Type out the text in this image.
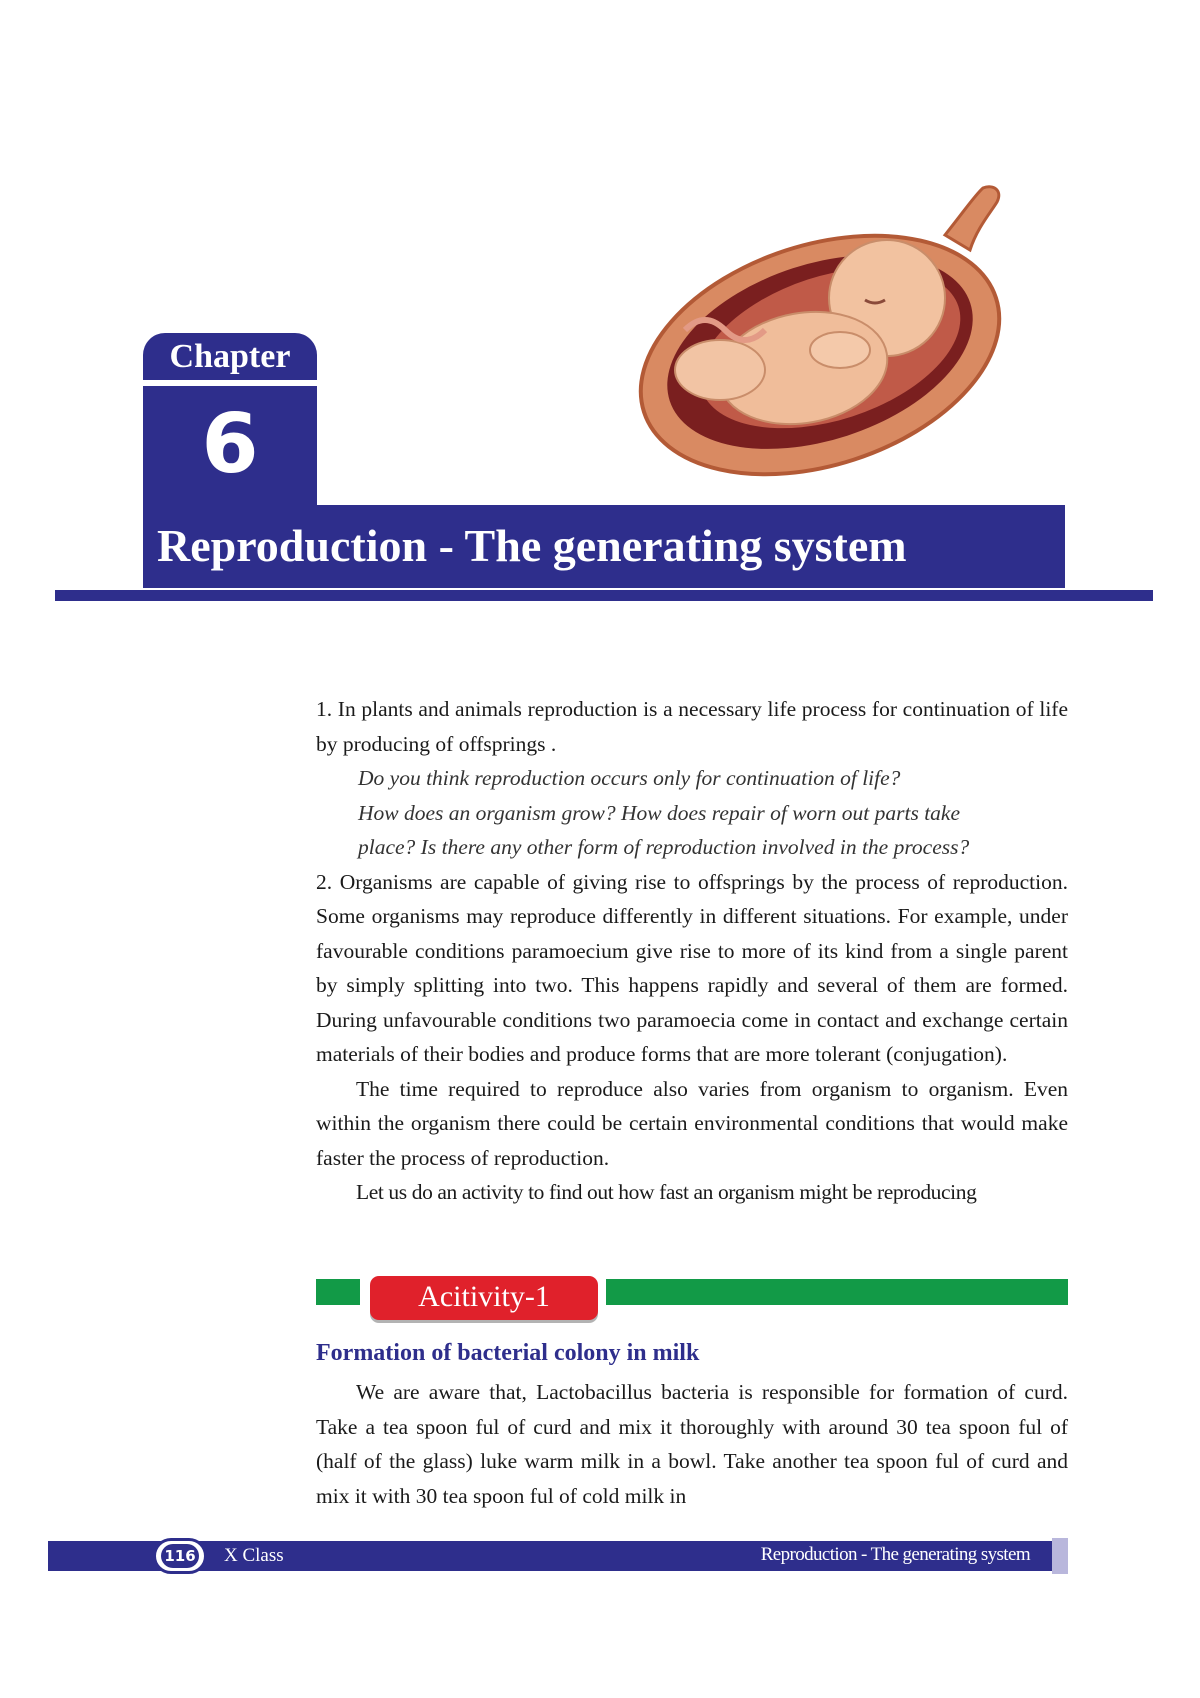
Chapter
6
Reproduction - The generating system

1. In plants and animals reproduction is a necessary life process for continuation of life by producing of offsprings .

Do you think reproduction occurs only for continuation of life?

How does an organism grow? How does repair of worn out parts take

place? Is there any other form of reproduction involved in the process?

2. Organisms are capable of giving rise to offsprings by the process of reproduction. Some organisms may reproduce differently in different situations. For example, under favourable conditions paramoecium give rise to more of its kind from a single parent by simply splitting into two. This happens rapidly and several of them are formed. During unfavourable conditions two paramoecia come in contact and exchange certain materials of their bodies and produce forms that are more tolerant (conjugation).

The time required to reproduce also varies from organism to organism. Even within the organism there could be certain environmental conditions that would make faster the process of reproduction.

Let us do an activity to find out how fast an organism might be reproducing

Acitivity-1
Formation of bacterial colony in milk

We are aware that, Lactobacillus bacteria is responsible for formation of curd. Take a tea spoon ful of curd and mix it thoroughly with around 30 tea spoon ful of (half of the glass) luke warm milk in a bowl. Take another tea spoon ful of curd and mix it with 30 tea spoon ful of cold milk in

116 X Class	Reproduction - The generating system
